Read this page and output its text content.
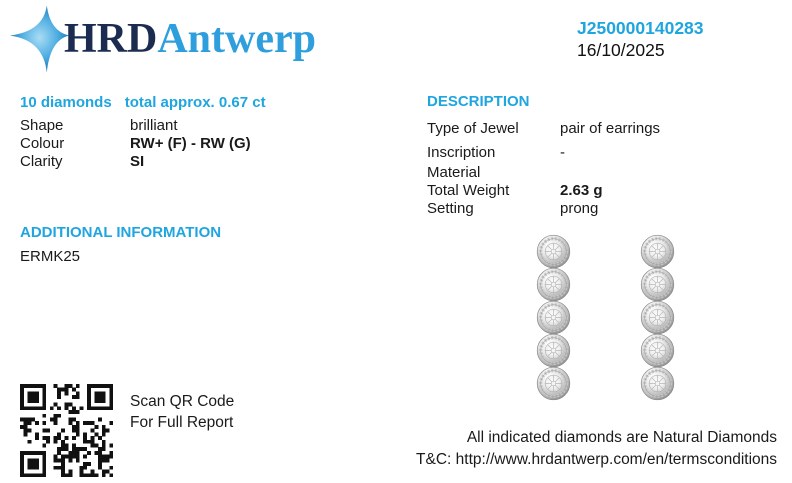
HRDAntwerp	J250000140283
16/10/2025
10 diamonds total approx. 0.67 ct
Shape	brilliant
Colour	RW+ (F) - RW (G)
Clarity	SI
DESCRIPTION
Type of Jewel	pair of earrings
Inscription	-
Material
Total Weight	2.63 g
Setting	prong
ADDITIONAL INFORMATION
ERMK25
Scan QR Code
For Full Report
All indicated diamonds are Natural Diamonds
T&C: http://www.hrdantwerp.com/en/termsconditions
